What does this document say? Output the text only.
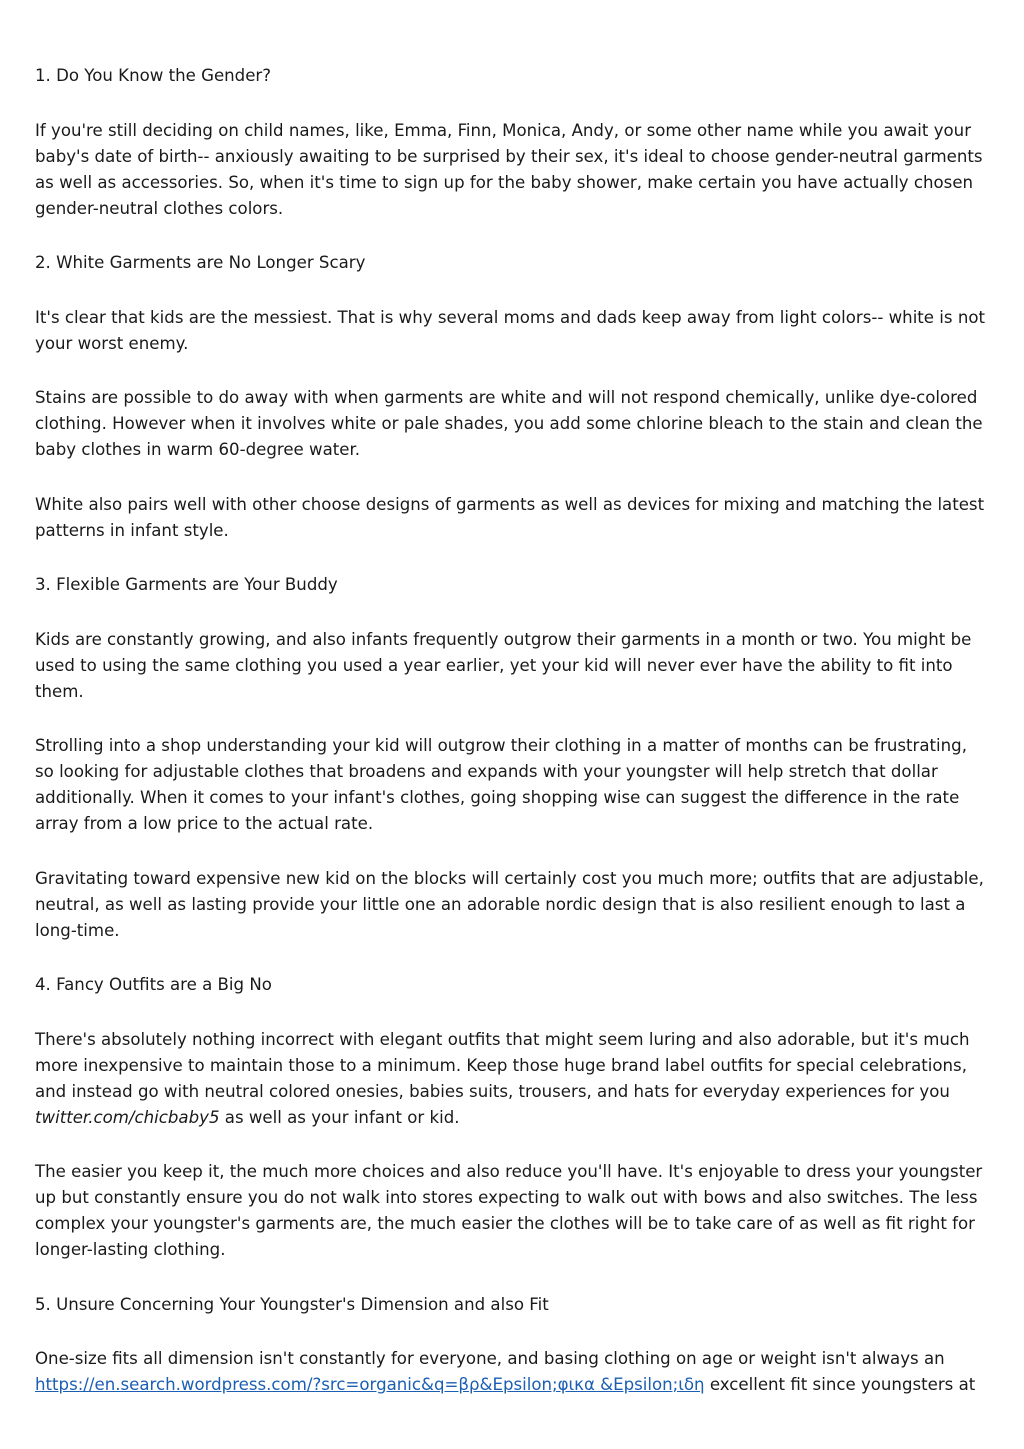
1. Do You Know the Gender?
If you're still deciding on child names, like, Emma, Finn, Monica, Andy, or some other name while you await your baby's date of birth-- anxiously awaiting to be surprised by their sex, it's ideal to choose gender-neutral garments as well as accessories. So, when it's time to sign up for the baby shower, make certain you have actually chosen gender-neutral clothes colors.
2. White Garments are No Longer Scary
It's clear that kids are the messiest. That is why several moms and dads keep away from light colors-- white is not your worst enemy.
Stains are possible to do away with when garments are white and will not respond chemically, unlike dye-colored clothing. However when it involves white or pale shades, you add some chlorine bleach to the stain and clean the baby clothes in warm 60-degree water.
White also pairs well with other choose designs of garments as well as devices for mixing and matching the latest patterns in infant style.
3. Flexible Garments are Your Buddy
Kids are constantly growing, and also infants frequently outgrow their garments in a month or two. You might be used to using the same clothing you used a year earlier, yet your kid will never ever have the ability to fit into them.
Strolling into a shop understanding your kid will outgrow their clothing in a matter of months can be frustrating, so looking for adjustable clothes that broadens and expands with your youngster will help stretch that dollar additionally. When it comes to your infant's clothes, going shopping wise can suggest the difference in the rate array from a low price to the actual rate.
Gravitating toward expensive new kid on the blocks will certainly cost you much more; outfits that are adjustable, neutral, as well as lasting provide your little one an adorable nordic design that is also resilient enough to last a long-time.
4. Fancy Outfits are a Big No
There's absolutely nothing incorrect with elegant outfits that might seem luring and also adorable, but it's much more inexpensive to maintain those to a minimum. Keep those huge brand label outfits for special celebrations, and instead go with neutral colored onesies, babies suits, trousers, and hats for everyday experiences for you twitter.com/chicbaby5 as well as your infant or kid.
The easier you keep it, the much more choices and also reduce you'll have. It's enjoyable to dress your youngster up but constantly ensure you do not walk into stores expecting to walk out with bows and also switches. The less complex your youngster's garments are, the much easier the clothes will be to take care of as well as fit right for longer-lasting clothing.
5. Unsure Concerning Your Youngster's Dimension and also Fit
One-size fits all dimension isn't constantly for everyone, and basing clothing on age or weight isn't always an https://en.search.wordpress.com/?src=organic&q=βρ&Epsilon;φικα &Epsilon;ιδη excellent fit since youngsters at
